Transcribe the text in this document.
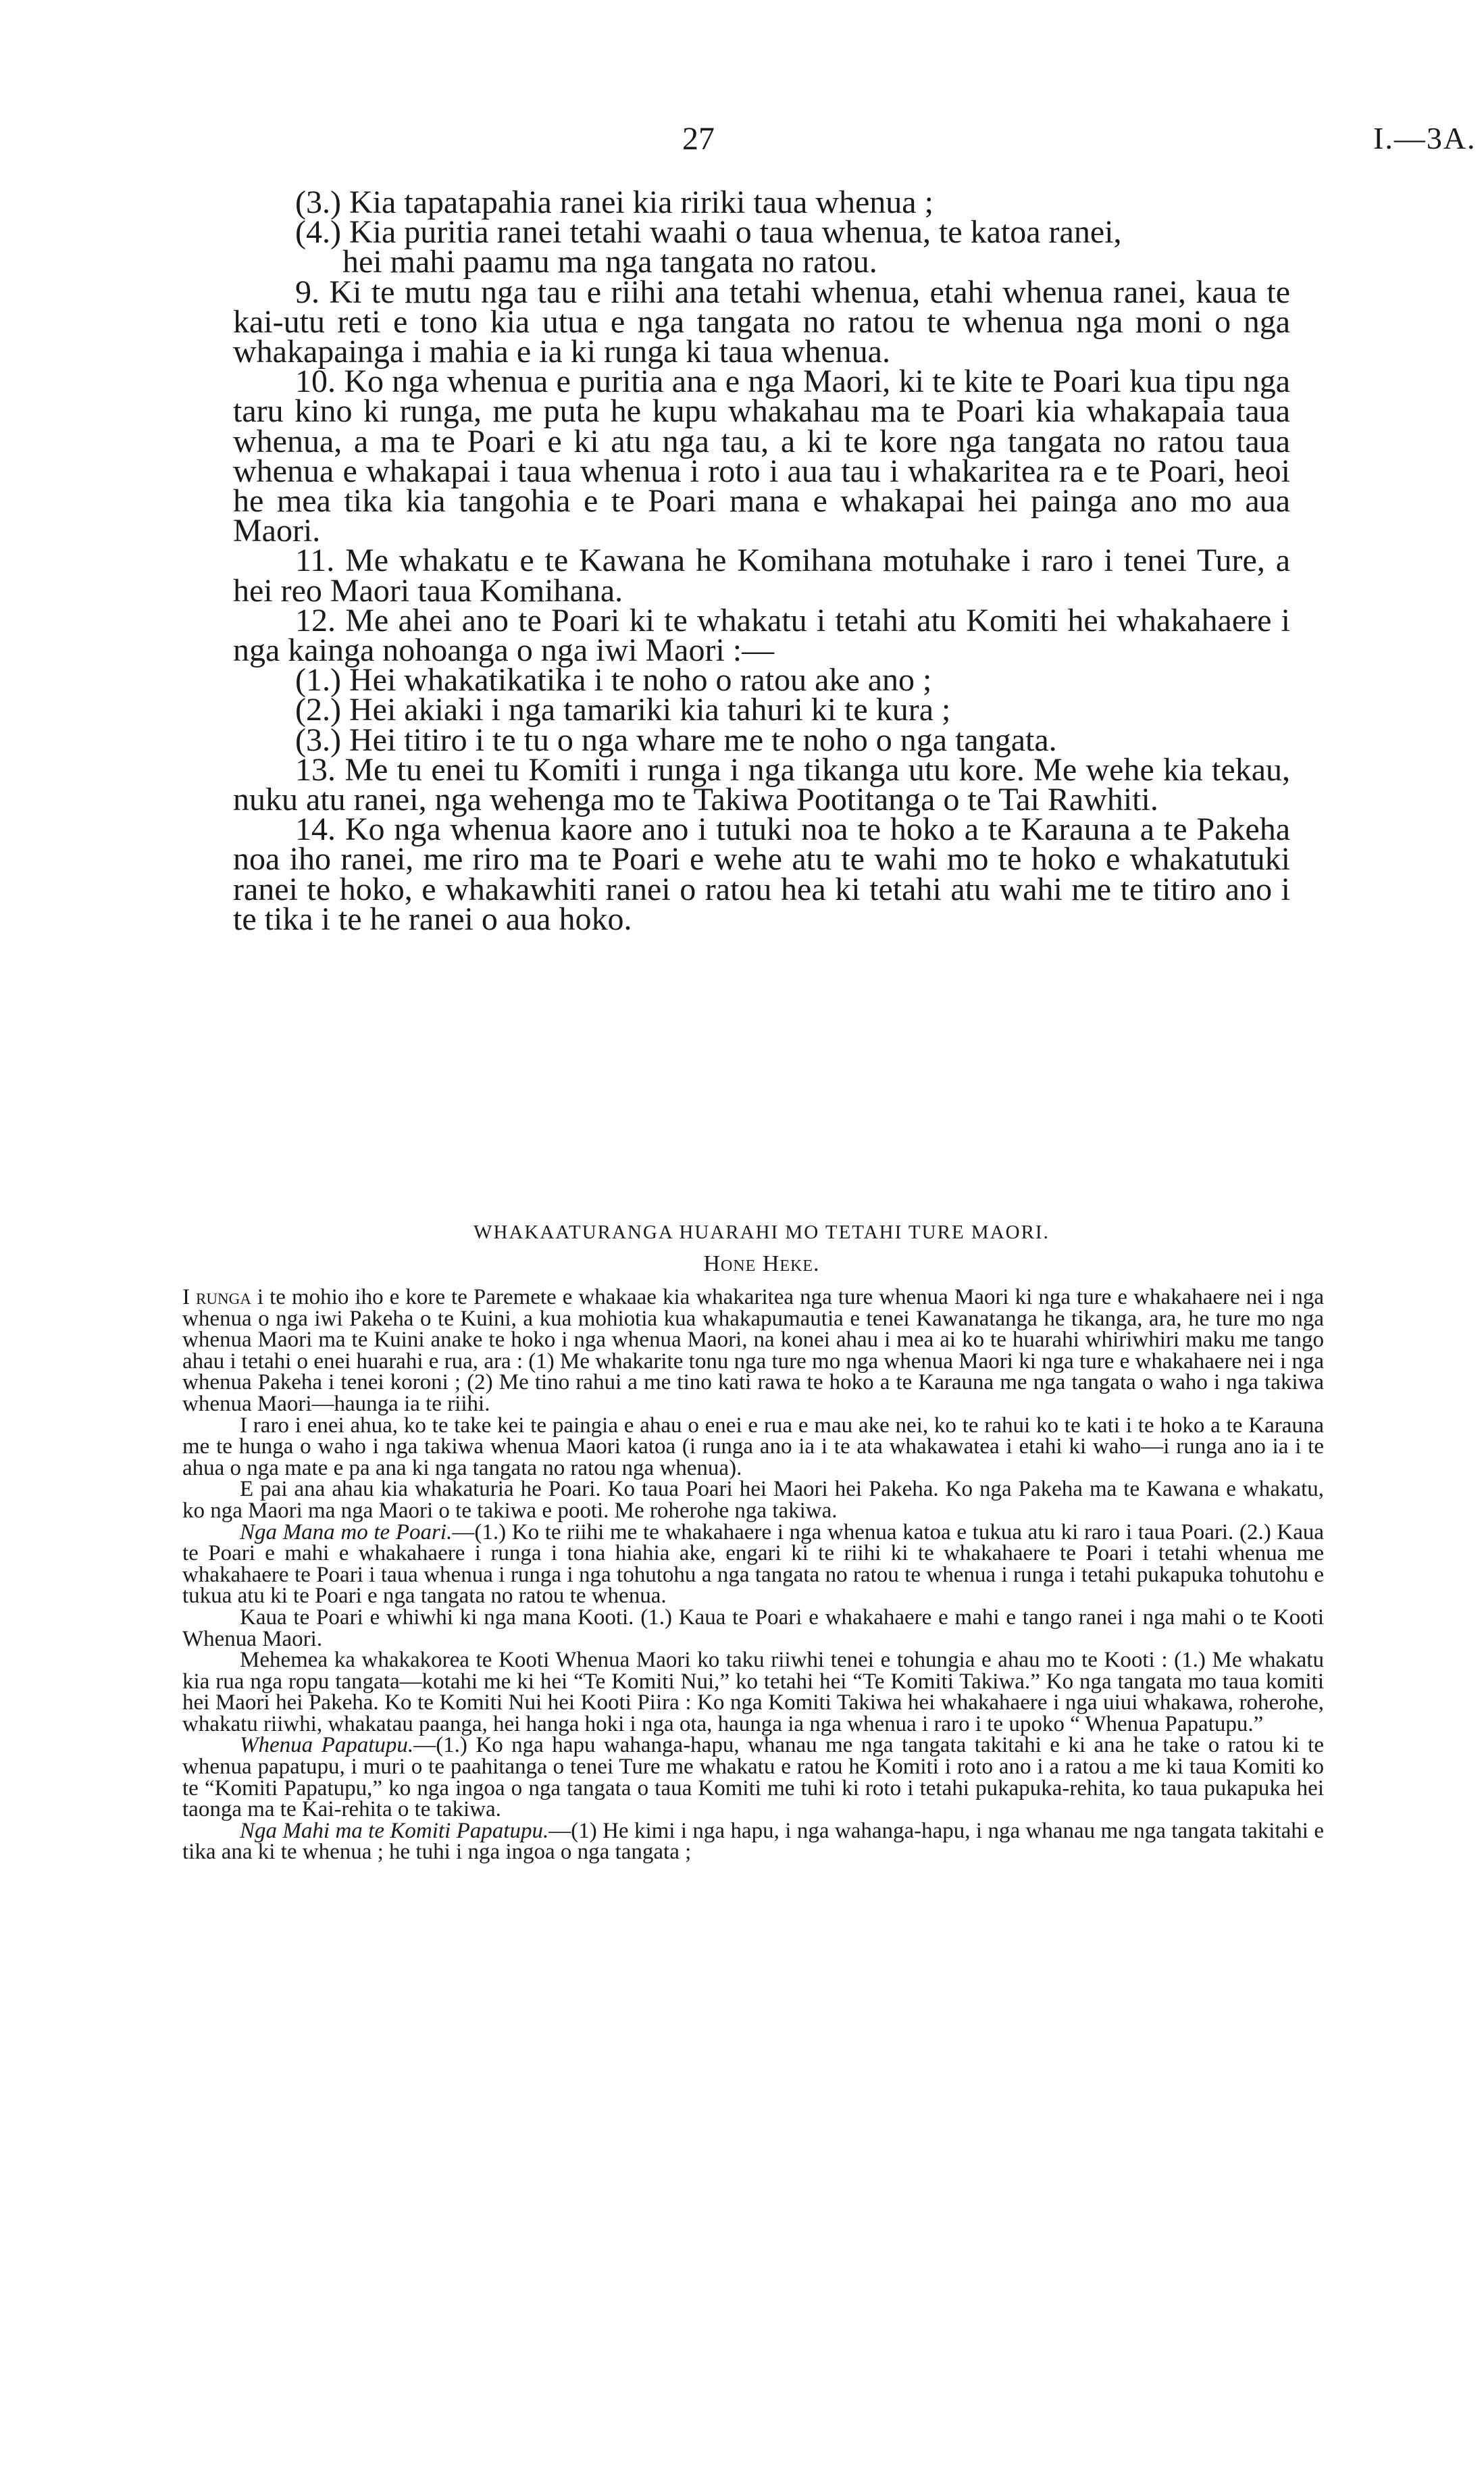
27	I.—3A.

(3.) Kia tapatapahia ranei kia ririki taua whenua ;

(4.) Kia puritia ranei tetahi waahi o taua whenua, te katoa ranei,

hei mahi paamu ma nga tangata no ratou.

9. Ki te mutu nga tau e riihi ana tetahi whenua, etahi whenua ranei, kaua te kai-utu reti e tono kia utua e nga tangata no ratou te whenua nga moni o nga whakapainga i mahia e ia ki runga ki taua whenua.

10. Ko nga whenua e puritia ana e nga Maori, ki te kite te Poari kua tipu nga taru kino ki runga, me puta he kupu whakahau ma te Poari kia whakapaia taua whenua, a ma te Poari e ki atu nga tau, a ki te kore nga tangata no ratou taua whenua e whakapai i taua whenua i roto i aua tau i whakaritea ra e te Poari, heoi he mea tika kia tangohia e te Poari mana e whakapai hei painga ano mo aua Maori.

11. Me whakatu e te Kawana he Komihana motuhake i raro i tenei Ture, a hei reo Maori taua Komihana.

12. Me ahei ano te Poari ki te whakatu i tetahi atu Komiti hei whakahaere i nga kainga nohoanga o nga iwi Maori :—

(1.) Hei whakatikatika i te noho o ratou ake ano ;

(2.) Hei akiaki i nga tamariki kia tahuri ki te kura ;

(3.) Hei titiro i te tu o nga whare me te noho o nga tangata.

13. Me tu enei tu Komiti i runga i nga tikanga utu kore. Me wehe kia tekau, nuku atu ranei, nga wehenga mo te Takiwa Pootitanga o te Tai Rawhiti.

14. Ko nga whenua kaore ano i tutuki noa te hoko a te Karauna a te Pakeha noa iho ranei, me riro ma te Poari e wehe atu te wahi mo te hoko e whakatutuki ranei te hoko, e whakawhiti ranei o ratou hea ki tetahi atu wahi me te titiro ano i te tika i te he ranei o aua hoko.

WHAKAATURANGA HUARAHI MO TETAHI TURE MAORI.
Hone Heke.

I runga i te mohio iho e kore te Paremete e whakaae kia whakaritea nga ture whenua Maori ki nga ture e whakahaere nei i nga whenua o nga iwi Pakeha o te Kuini, a kua mohiotia kua whakapumautia e tenei Kawanatanga he tikanga, ara, he ture mo nga whenua Maori ma te Kuini anake te hoko i nga whenua Maori, na konei ahau i mea ai ko te huarahi whiriwhiri maku me tango ahau i tetahi o enei huarahi e rua, ara : (1) Me whakarite tonu nga ture mo nga whenua Maori ki nga ture e whakahaere nei i nga whenua Pakeha i tenei koroni ; (2) Me tino rahui a me tino kati rawa te hoko a te Karauna me nga tangata o waho i nga takiwa whenua Maori—haunga ia te riihi.

I raro i enei ahua, ko te take kei te paingia e ahau o enei e rua e mau ake nei, ko te rahui ko te kati i te hoko a te Karauna me te hunga o waho i nga takiwa whenua Maori katoa (i runga ano ia i te ata whakawatea i etahi ki waho—i runga ano ia i te ahua o nga mate e pa ana ki nga tangata no ratou nga whenua).

E pai ana ahau kia whakaturia he Poari. Ko taua Poari hei Maori hei Pakeha. Ko nga Pakeha ma te Kawana e whakatu, ko nga Maori ma nga Maori o te takiwa e pooti. Me roherohe nga takiwa.

Nga Mana mo te Poari.—(1.) Ko te riihi me te whakahaere i nga whenua katoa e tukua atu ki raro i taua Poari. (2.) Kaua te Poari e mahi e whakahaere i runga i tona hiahia ake, engari ki te riihi ki te whakahaere te Poari i tetahi whenua me whakahaere te Poari i taua whenua i runga i nga tohutohu a nga tangata no ratou te whenua i runga i tetahi pukapuka tohutohu e tukua atu ki te Poari e nga tangata no ratou te whenua.

Kaua te Poari e whiwhi ki nga mana Kooti. (1.) Kaua te Poari e whakahaere e mahi e tango ranei i nga mahi o te Kooti Whenua Maori.

Mehemea ka whakakorea te Kooti Whenua Maori ko taku riiwhi tenei e tohungia e ahau mo te Kooti : (1.) Me whakatu kia rua nga ropu tangata—kotahi me ki hei “Te Komiti Nui,” ko tetahi hei “Te Komiti Takiwa.” Ko nga tangata mo taua komiti hei Maori hei Pakeha. Ko te Komiti Nui hei Kooti Piira : Ko nga Komiti Takiwa hei whakahaere i nga uiui whakawa, roherohe, whakatu riiwhi, whakatau paanga, hei hanga hoki i nga ota, haunga ia nga whenua i raro i te upoko “ Whenua Papatupu.”

Whenua Papatupu.—(1.) Ko nga hapu wahanga-hapu, whanau me nga tangata takitahi e ki ana he take o ratou ki te whenua papatupu, i muri o te paahitanga o tenei Ture me whakatu e ratou he Komiti i roto ano i a ratou a me ki taua Komiti ko te “Komiti Papatupu,” ko nga ingoa o nga tangata o taua Komiti me tuhi ki roto i tetahi pukapuka-rehita, ko taua pukapuka hei taonga ma te Kai-rehita o te takiwa.

Nga Mahi ma te Komiti Papatupu.—(1) He kimi i nga hapu, i nga wahanga-hapu, i nga whanau me nga tangata takitahi e tika ana ki te whenua ; he tuhi i nga ingoa o nga tangata ;
